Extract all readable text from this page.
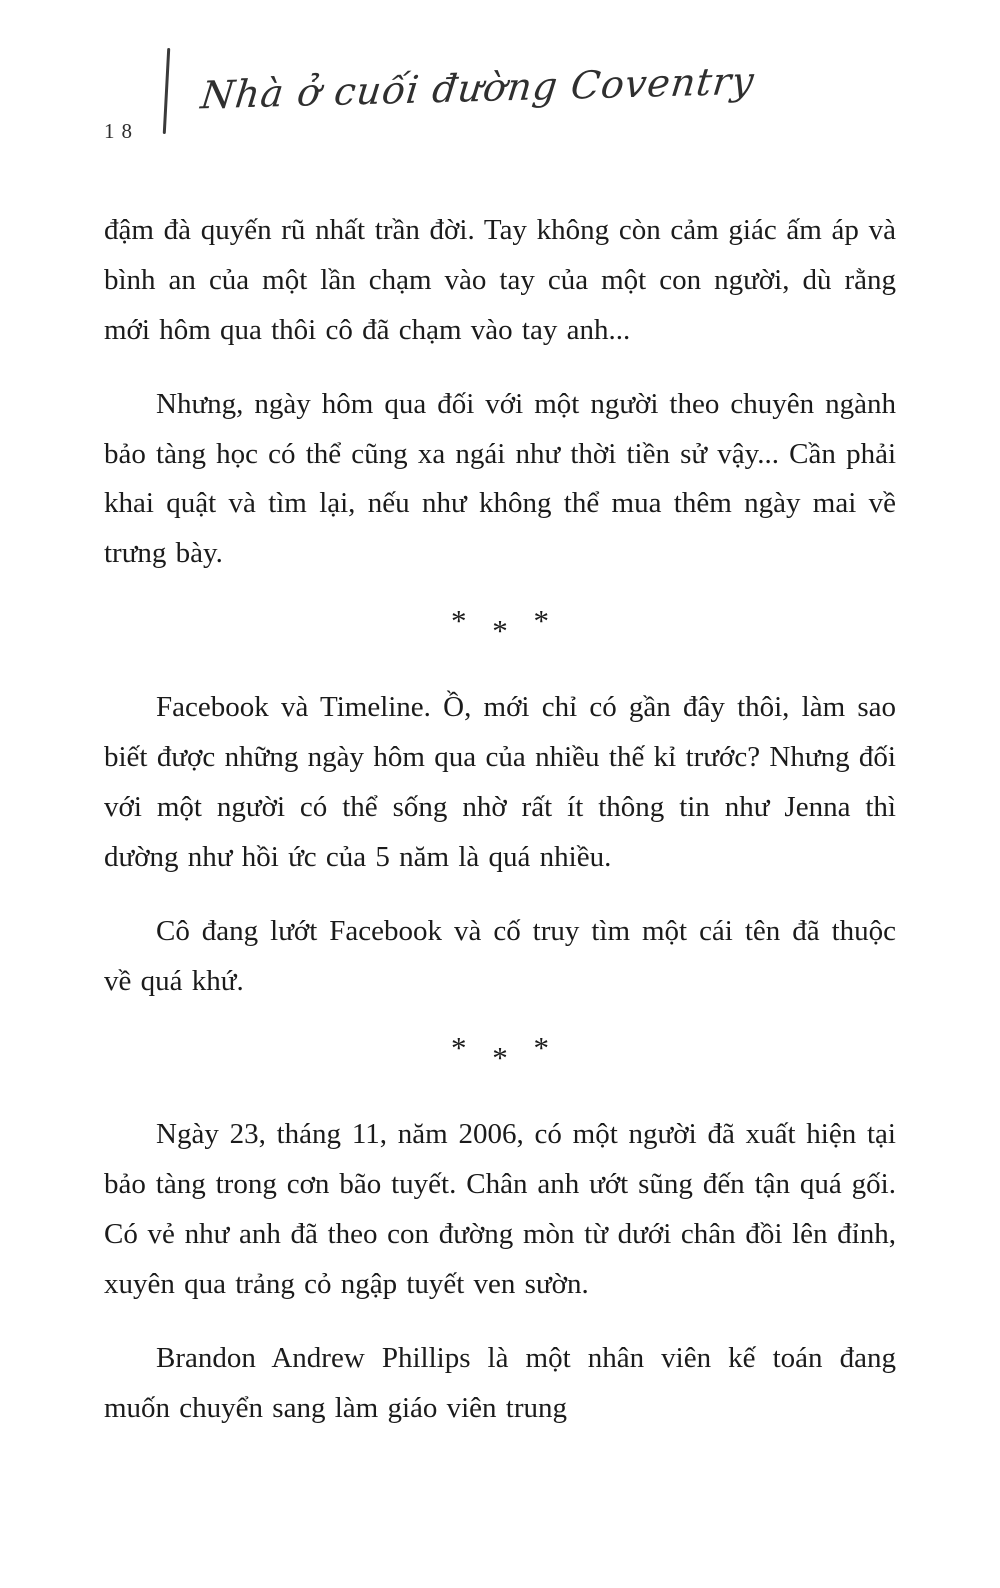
18
Nhà ở cuối đường Coventry

đậm đà quyến rũ nhất trần đời. Tay không còn cảm giác ấm áp và bình an của một lần chạm vào tay của một con người, dù rằng mới hôm qua thôi cô đã chạm vào tay anh...

Nhưng, ngày hôm qua đối với một người theo chuyên ngành bảo tàng học có thể cũng xa ngái như thời tiền sử vậy... Cần phải khai quật và tìm lại, nếu như không thể mua thêm ngày mai về trưng bày.

* * *

Facebook và Timeline. Ồ, mới chỉ có gần đây thôi, làm sao biết được những ngày hôm qua của nhiều thế kỉ trước? Nhưng đối với một người có thể sống nhờ rất ít thông tin như Jenna thì dường như hồi ức của 5 năm là quá nhiều.

Cô đang lướt Facebook và cố truy tìm một cái tên đã thuộc về quá khứ.

* * *

Ngày 23, tháng 11, năm 2006, có một người đã xuất hiện tại bảo tàng trong cơn bão tuyết. Chân anh ướt sũng đến tận quá gối. Có vẻ như anh đã theo con đường mòn từ dưới chân đồi lên đỉnh, xuyên qua trảng cỏ ngập tuyết ven sườn.

Brandon Andrew Phillips là một nhân viên kế toán đang muốn chuyển sang làm giáo viên trung
